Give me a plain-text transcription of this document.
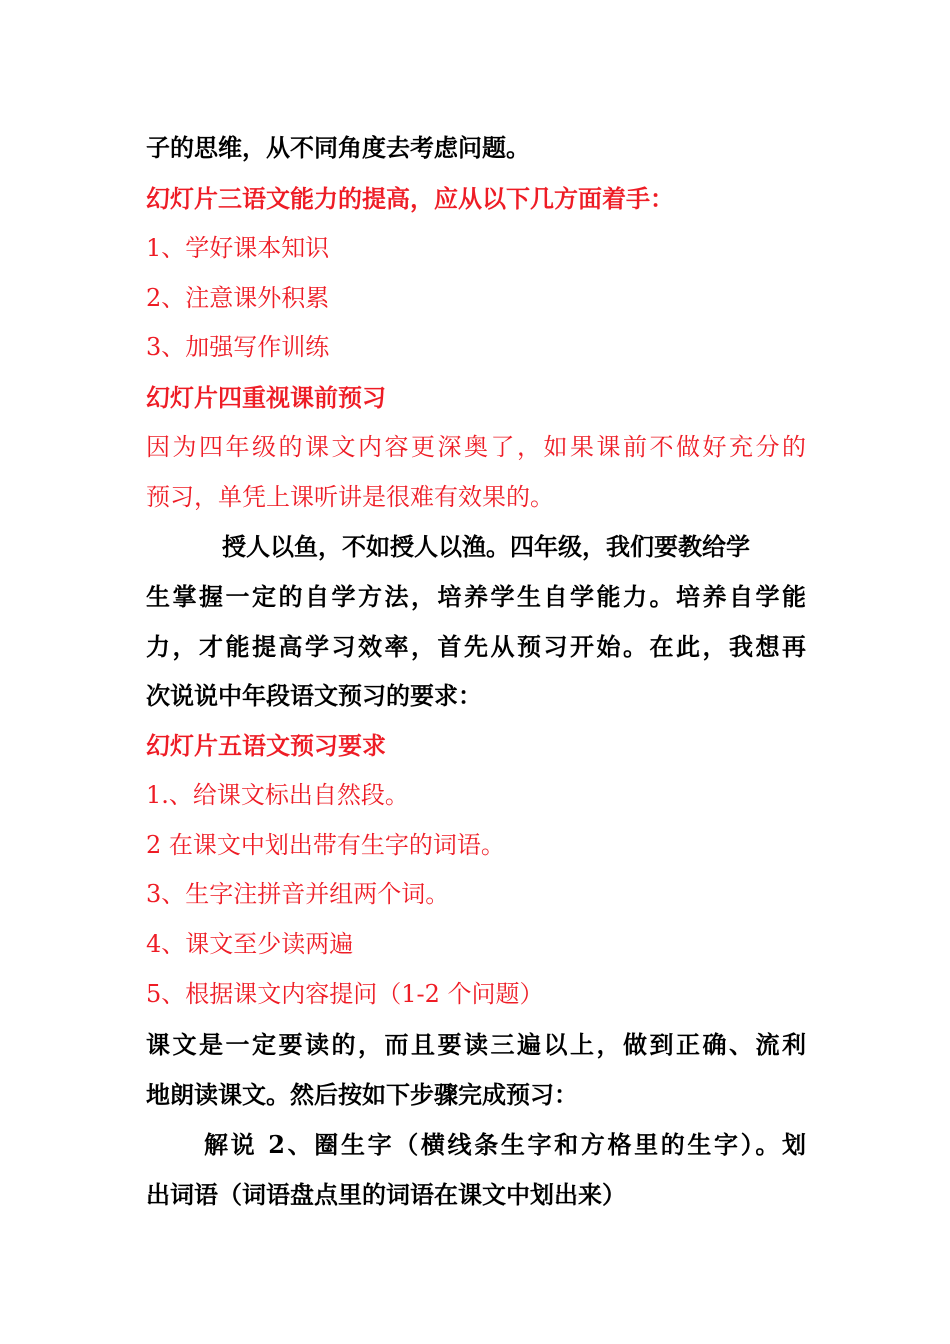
子的思维，从不同角度去考虑问题。

幻灯片三语文能力的提高，应从以下几方面着手：

1、学好课本知识

2、注意课外积累

3、加强写作训练

幻灯片四重视课前预习

因为四年级的课文内容更深奥了，如果课前不做好充分的

预习，单凭上课听讲是很难有效果的。

授人以鱼，不如授人以渔。四年级，我们要教给学

生掌握一定的自学方法，培养学生自学能力。培养自学能

力，才能提高学习效率，首先从预习开始。在此，我想再

次说说中年段语文预习的要求：

幻灯片五语文预习要求

1.、给课文标出自然段。

2 在课文中划出带有生字的词语。

3、生字注拼音并组两个词。

4、课文至少读两遍

5、根据课文内容提问（1-2 个问题）

课文是一定要读的，而且要读三遍以上，做到正确、流利

地朗读课文。然后按如下步骤完成预习：

解说 2、圈生字（横线条生字和方格里的生字）。划

出词语（词语盘点里的词语在课文中划出来）
